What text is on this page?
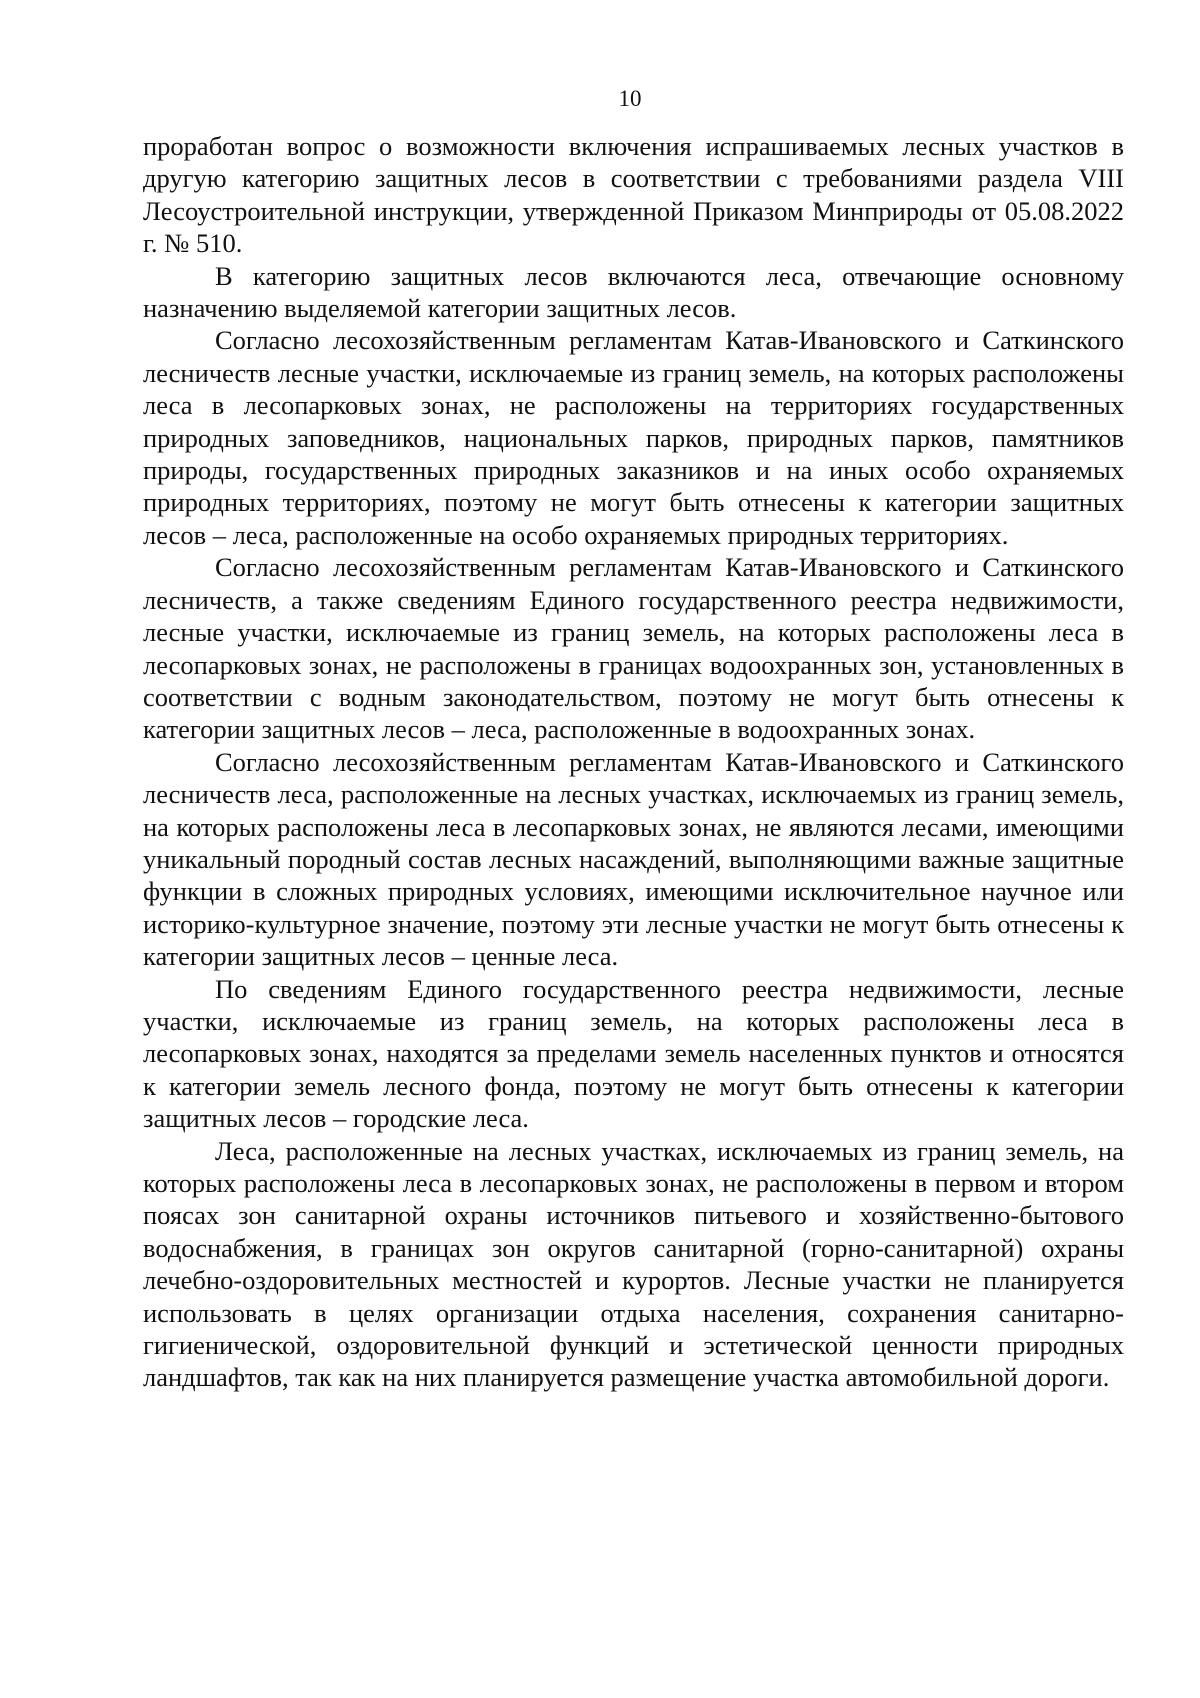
10

проработан вопрос о возможности включения испрашиваемых лесных участков в другую категорию защитных лесов в соответствии с требованиями раздела VIII Лесоустроительной инструкции, утвержденной Приказом Минприроды от 05.08.2022 г. № 510.

В категорию защитных лесов включаются леса, отвечающие основному назначению выделяемой категории защитных лесов.

Согласно лесохозяйственным регламентам Катав-Ивановского и Саткинского лесничеств лесные участки, исключаемые из границ земель, на которых расположены леса в лесопарковых зонах, не расположены на территориях государственных природных заповедников, национальных парков, природных парков, памятников природы, государственных природных заказников и на иных особо охраняемых природных территориях, поэтому не могут быть отнесены к категории защитных лесов – леса, расположенные на особо охраняемых природных территориях.

Согласно лесохозяйственным регламентам Катав-Ивановского и Саткинского лесничеств, а также сведениям Единого государственного реестра недвижимости, лесные участки, исключаемые из границ земель, на которых расположены леса в лесопарковых зонах, не расположены в границах водоохранных зон, установленных в соответствии с водным законодательством, поэтому не могут быть отнесены к категории защитных лесов – леса, расположенные в водоохранных зонах.

Согласно лесохозяйственным регламентам Катав-Ивановского и Саткинского лесничеств леса, расположенные на лесных участках, исключаемых из границ земель, на которых расположены леса в лесопарковых зонах, не являются лесами, имеющими уникальный породный состав лесных насаждений, выполняющими важные защитные функции в сложных природных условиях, имеющими исключительное научное или историко-культурное значение, поэтому эти лесные участки не могут быть отнесены к категории защитных лесов – ценные леса.

По сведениям Единого государственного реестра недвижимости, лесные участки, исключаемые из границ земель, на которых расположены леса в лесопарковых зонах, находятся за пределами земель населенных пунктов и относятся к категории земель лесного фонда, поэтому не могут быть отнесены к категории защитных лесов – городские леса.

Леса, расположенные на лесных участках, исключаемых из границ земель, на которых расположены леса в лесопарковых зонах, не расположены в первом и втором поясах зон санитарной охраны источников питьевого и хозяйственно-бытового водоснабжения, в границах зон округов санитарной (горно-санитарной) охраны лечебно-оздоровительных местностей и курортов. Лесные участки не планируется использовать в целях организации отдыха населения, сохранения санитарно-гигиенической, оздоровительной функций и эстетической ценности природных ландшафтов, так как на них планируется размещение участка автомобильной дороги.
